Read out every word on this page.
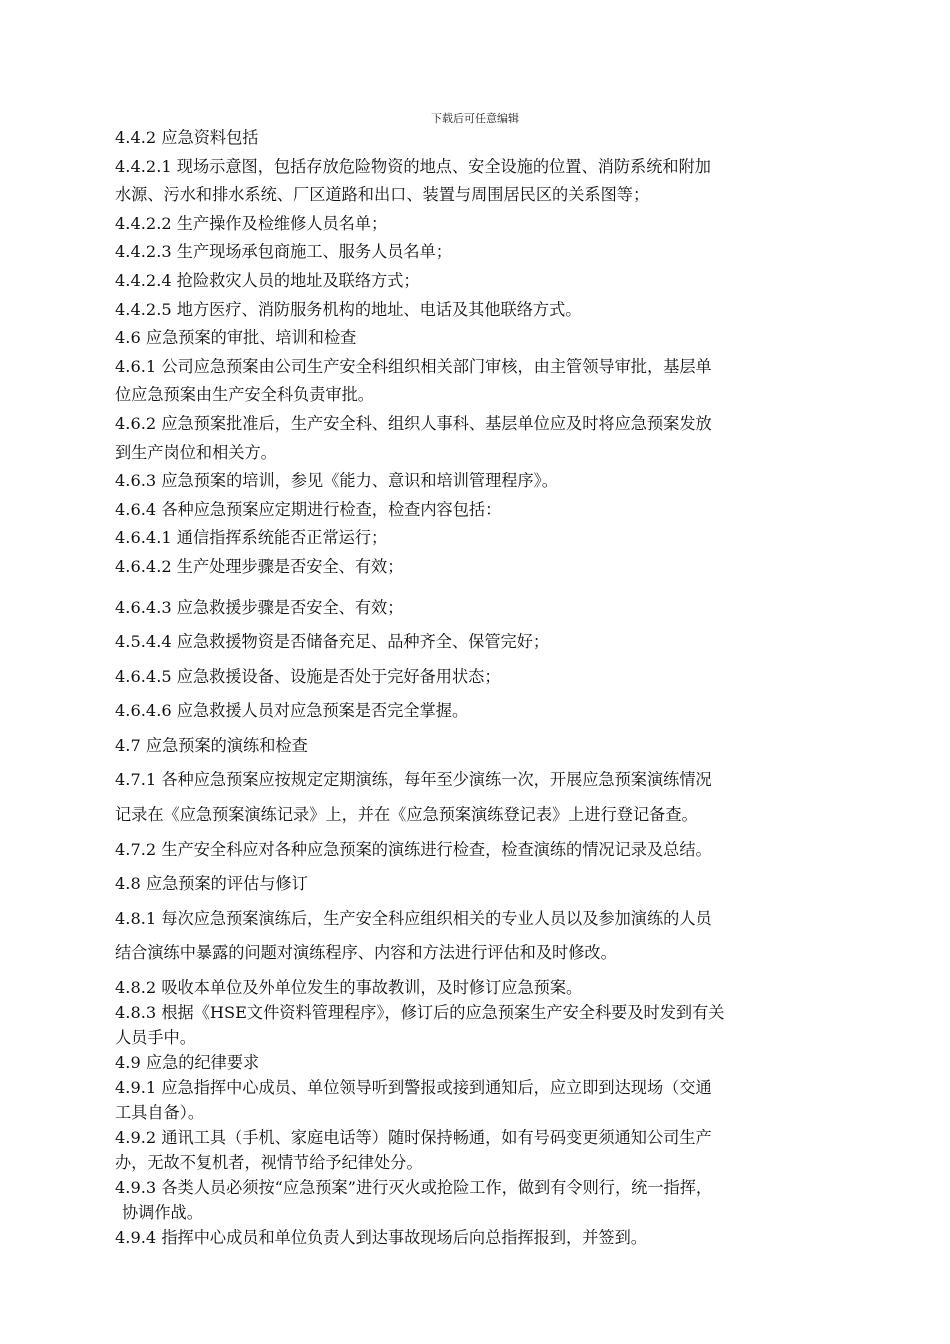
下载后可任意编辑
4.4.2 应急资料包括
4.4.2.1 现场示意图，包括存放危险物资的地点、安全设施的位置、消防系统和附加
水源、污水和排水系统、厂区道路和出口、装置与周围居民区的关系图等；
4.4.2.2 生产操作及检维修人员名单；
4.4.2.3 生产现场承包商施工、服务人员名单；
4.4.2.4 抢险救灾人员的地址及联络方式；
4.4.2.5 地方医疗、消防服务机构的地址、电话及其他联络方式。
4.6 应急预案的审批、培训和检查
4.6.1 公司应急预案由公司生产安全科组织相关部门审核，由主管领导审批，基层单
位应急预案由生产安全科负责审批。
4.6.2 应急预案批准后，生产安全科、组织人事科、基层单位应及时将应急预案发放
到生产岗位和相关方。
4.6.3 应急预案的培训，参见《能力、意识和培训管理程序》。
4.6.4 各种应急预案应定期进行检查，检查内容包括：
4.6.4.1 通信指挥系统能否正常运行；
4.6.4.2 生产处理步骤是否安全、有效；
4.6.4.3 应急救援步骤是否安全、有效；
4.5.4.4 应急救援物资是否储备充足、品种齐全、保管完好；
4.6.4.5 应急救援设备、设施是否处于完好备用状态；
4.6.4.6 应急救援人员对应急预案是否完全掌握。
4.7 应急预案的演练和检查
4.7.1 各种应急预案应按规定定期演练，每年至少演练一次，开展应急预案演练情况
记录在《应急预案演练记录》上，并在《应急预案演练登记表》上进行登记备查。
4.7.2 生产安全科应对各种应急预案的演练进行检查，检查演练的情况记录及总结。
4.8 应急预案的评估与修订
4.8.1 每次应急预案演练后，生产安全科应组织相关的专业人员以及参加演练的人员
结合演练中暴露的问题对演练程序、内容和方法进行评估和及时修改。
4.8.2 吸收本单位及外单位发生的事故教训，及时修订应急预案。
4.8.3 根据《HSE文件资料管理程序》，修订后的应急预案生产安全科要及时发到有关
人员手中。
4.9 应急的纪律要求
4.9.1 应急指挥中心成员、单位领导听到警报或接到通知后，应立即到达现场（交通
工具自备）。
4.9.2 通讯工具（手机、家庭电话等）随时保持畅通，如有号码变更须通知公司生产
办，无故不复机者，视情节给予纪律处分。
4.9.3 各类人员必须按“应急预案”进行灭火或抢险工作，做到有令则行，统一指挥，
协调作战。
4.9.4 指挥中心成员和单位负责人到达事故现场后向总指挥报到，并签到。
